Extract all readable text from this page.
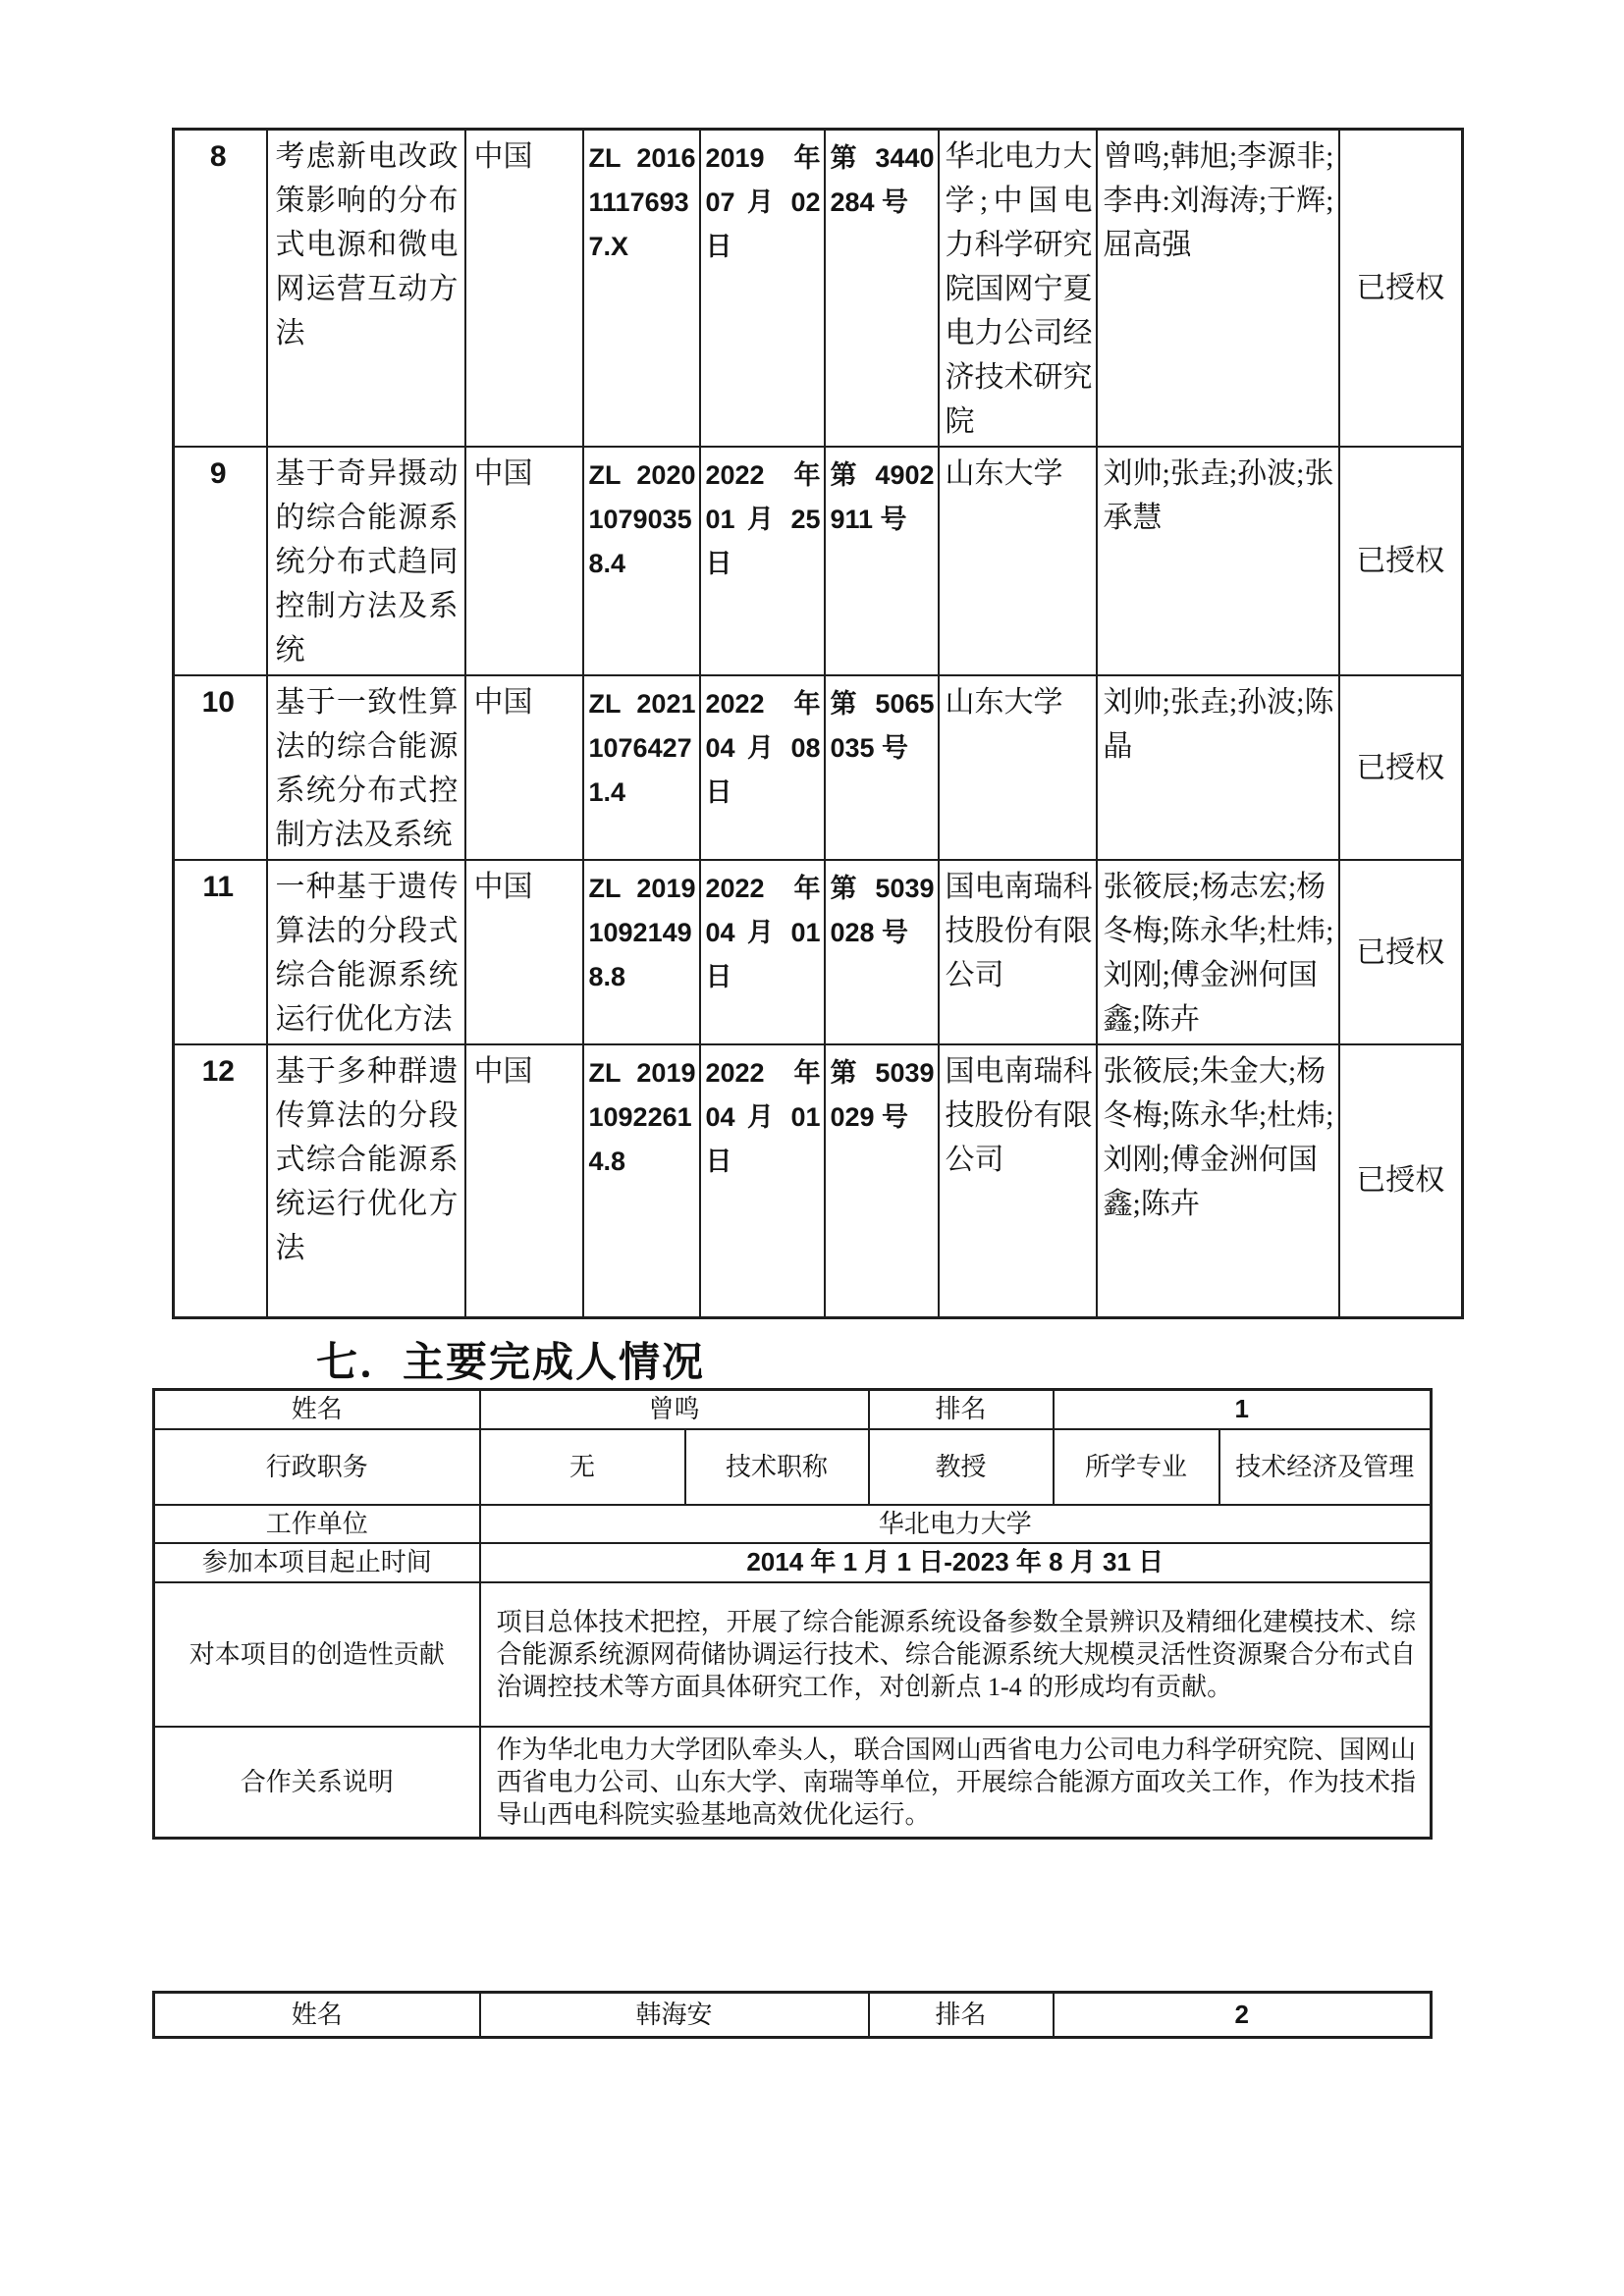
8	考虑新电改政策影响的分布式电源和微电网运营互动方法	中国	ZL 2016 1117693 7.X	2019 年 07 月 02 日	第 3440284 号	华北电力大学;中国电力科学研究院国网宁夏电力公司经济技术研究院	曾鸣;韩旭;李源非;李冉:刘海涛;于辉;屈高强	已授权
9	基于奇异摄动的综合能源系统分布式趋同控制方法及系统	中国	ZL 2020 1079035 8.4	2022 年 01 月 25 日	第 4902911 号	山东大学	刘帅;张垚;孙波;张承慧	已授权
10	基于一致性算法的综合能源系统分布式控制方法及系统	中国	ZL 2021 1076427 1.4	2022 年 04 月 08 日	第 5065035 号	山东大学	刘帅;张垚;孙波;陈晶	已授权
11	一种基于遗传算法的分段式综合能源系统运行优化方法	中国	ZL 2019 1092149 8.8	2022 年 04 月 01 日	第 5039028 号	国电南瑞科技股份有限公司	张筱辰;杨志宏;杨冬梅;陈永华;杜炜;刘刚;傅金洲何国鑫;陈卉	已授权
12	基于多种群遗传算法的分段式综合能源系统运行优化方法	中国	ZL 2019 1092261 4.8	2022 年 04 月 01 日	第 5039029 号	国电南瑞科技股份有限公司	张筱辰;朱金大;杨冬梅;陈永华;杜炜;刘刚;傅金洲何国鑫;陈卉	已授权
七．主要完成人情况
姓名	曾鸣		排名	1	
行政职务	无	技术职称	教授	所学专业	技术经济及管理
工作单位	华北电力大学				
参加本项目起止时间	2014 年 1 月 1 日-2023 年 8 月 31 日				
对本项目的创造性贡献	项目总体技术把控，开展了综合能源系统设备参数全景辨识及精细化建模技术、综合能源系统源网荷储协调运行技术、综合能源系统大规模灵活性资源聚合分布式自治调控技术等方面具体研究工作，对创新点 1-4 的形成均有贡献。				
合作关系说明	作为华北电力大学团队牵头人，联合国网山西省电力公司电力科学研究院、国网山西省电力公司、山东大学、南瑞等单位，开展综合能源方面攻关工作，作为技术指导山西电科院实验基地高效优化运行。				
姓名	韩海安	排名	2
